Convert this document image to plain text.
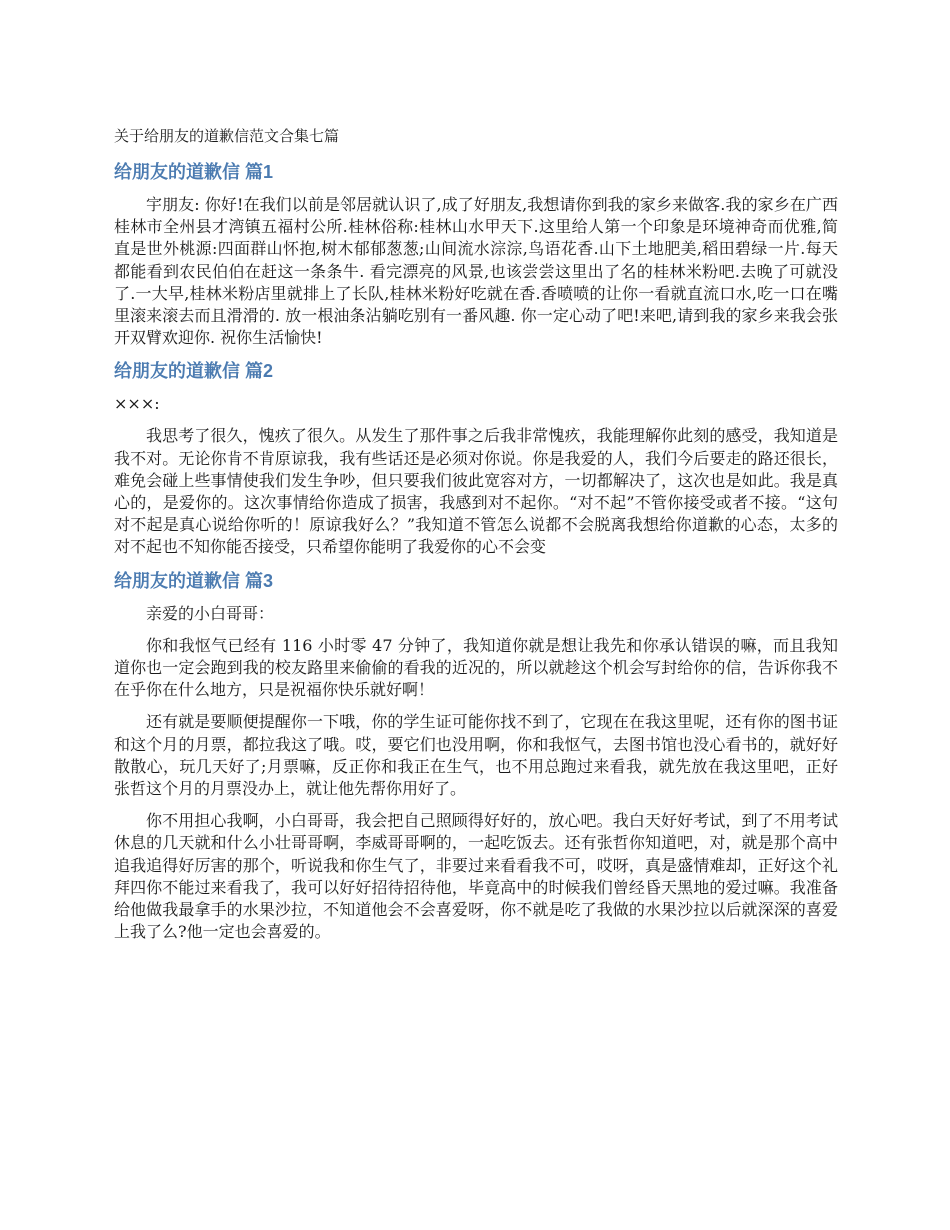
关于给朋友的道歉信范文合集七篇
给朋友的道歉信 篇1

宇朋友: 你好!在我们以前是邻居就认识了,成了好朋友,我想请你到我的家乡来做客.我的家乡在广西桂林市全州县才湾镇五福村公所.桂林俗称:桂林山水甲天下.这里给人第一个印象是环境神奇而优雅,简直是世外桃源:四面群山怀抱,树木郁郁葱葱;山间流水淙淙,鸟语花香.山下土地肥美,稻田碧绿一片.每天都能看到农民伯伯在赶这一条条牛. 看完漂亮的风景,也该尝尝这里出了名的桂林米粉吧.去晚了可就没了.一大早,桂林米粉店里就排上了长队,桂林米粉好吃就在香.香喷喷的让你一看就直流口水,吃一口在嘴里滚来滚去而且滑滑的. 放一根油条沾躺吃别有一番风趣. 你一定心动了吧!来吧,请到我的家乡来我会张开双臂欢迎你. 祝你生活愉快!

给朋友的道歉信 篇2
×××:

我思考了很久，愧疚了很久。从发生了那件事之后我非常愧疚，我能理解你此刻的感受，我知道是我不对。无论你肯不肯原谅我，我有些话还是必须对你说。你是我爱的人，我们今后要走的路还很长，难免会碰上些事情使我们发生争吵，但只要我们彼此宽容对方，一切都解决了，这次也是如此。我是真心的，是爱你的。这次事情给你造成了损害，我感到对不起你。“对不起”不管你接受或者不接。“这句对不起是真心说给你听的！原谅我好么？”我知道不管怎么说都不会脱离我想给你道歉的心态，太多的对不起也不知你能否接受，只希望你能明了我爱你的心不会变

给朋友的道歉信 篇3

亲爱的小白哥哥：

你和我怄气已经有 116 小时零 47 分钟了，我知道你就是想让我先和你承认错误的嘛，而且我知道你也一定会跑到我的校友路里来偷偷的看我的近况的，所以就趁这个机会写封给你的信，告诉你我不在乎你在什么地方，只是祝福你快乐就好啊！

还有就是要顺便提醒你一下哦，你的学生证可能你找不到了，它现在在我这里呢，还有你的图书证和这个月的月票，都拉我这了哦。哎，要它们也没用啊，你和我怄气，去图书馆也没心看书的，就好好散散心，玩几天好了;月票嘛，反正你和我正在生气，也不用总跑过来看我，就先放在我这里吧，正好张哲这个月的月票没办上，就让他先帮你用好了。

你不用担心我啊，小白哥哥，我会把自己照顾得好好的，放心吧。我白天好好考试，到了不用考试休息的几天就和什么小壮哥哥啊，李威哥哥啊的，一起吃饭去。还有张哲你知道吧，对，就是那个高中追我追得好厉害的那个，听说我和你生气了，非要过来看看我不可，哎呀，真是盛情难却，正好这个礼拜四你不能过来看我了，我可以好好招待招待他，毕竟高中的时候我们曾经昏天黑地的爱过嘛。我准备给他做我最拿手的水果沙拉，不知道他会不会喜爱呀，你不就是吃了我做的水果沙拉以后就深深的喜爱上我了么?他一定也会喜爱的。
